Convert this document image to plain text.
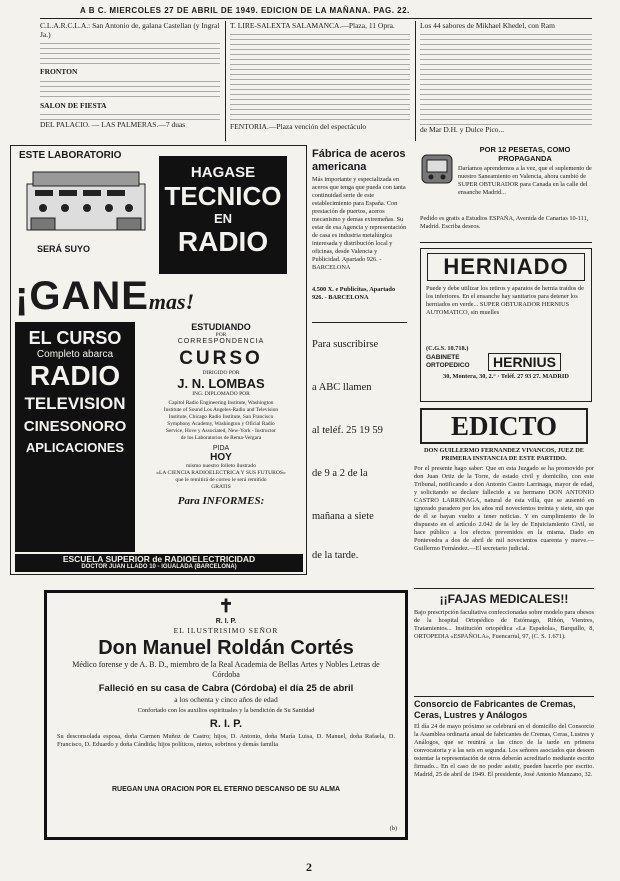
A B C. MIERCOLES 27 DE ABRIL DE 1949. EDICION DE LA MAÑANA. PAG. 22.
C.L.A.R.C.L.A.: San Antonio de, galana Castellan (y Ingral Ja.)
FRONTON
SALON DE FIESTA
DEL PALACIO. — LAS PALMERAS.—7 duas
T. LIRE-SALEXTA SALAMANCA.—Plaza, 11 Opra.
FENTORIA.—Plaza vención del espectáculo
Los 44 sabores de Mikhael Khedel, con Ram
de Mar D.H. y Dulce Pico...
ESTE LABORATORIO
SERÁ SUYO
HAGASE
TECNICO
EN
RADIO
¡GANEmas!
EL CURSO
Completo abarca
RADIO
TELEVISION
CINESONORO
APLICACIONES
ESTUDIANDO
POR
CORRESPONDENCIA
CURSO
DIRIGIDO POR
J. N. LOMBAS
ING. DIPLOMADO POR
Capitol Radio Engineering Institute, Washington
Institute of Sound Los Angeles-Radio and Television
Institute, Chicago Radio Institute, San Francisco
Symphony Academy, Washington y Oficial Radio
Service, Hove y Associated, New-York - Instructor
de los Laboratorios de Rema-Vergara
PIDA
HOY
mismo nuestro folleto ilustrado
«LA CIENCIA RADIOELECTRICA Y SUS FUTUROS»
que le remitirá de correo le será remitido
GRATIS
Para INFORMES:
ESCUELA SUPERIOR de RADIOELECTRICIDAD
DOCTOR JUAN LLADO 10 - IGUALADA (BARCELONA)
Fábrica de aceros americana
Más importante y especializada en aceros que tenga que pueda con tanta continuidad serie de este establecimiento para España. Con prestación de puertos, aceros mecanismo y demas extremeñas. Su estar de esa Agencia y representación de casa es industria metalúrgica interesada y distribución local y oficinas, desde Valencia y Publicidad. Apartado 926. - BARCELONA
4.500 X. e Publicitas, Apartado 926. - BARCELONA
Para suscribirse
a ABC llamen
al teléf. 25 19 59
de 9 a 2 de la
mañana a siete
de la tarde.
POR 12 PESETAS, COMO PROPAGANDA
Daríamos aprendemos a la vez, que el suplemento de nuestro Saneamiento en Valencia, ahora cambió de SUPER OBTURADOR para Canada en la calle del ensanche Madrid...
Pedido es gratis a Estudios ESPAÑA, Avenida de Canarias 10-111, Madrid. Escriba deseos.
HERNIADO
Puede y debe utilizar los retiros y aparatos de hernia traídos de los inferiores. En el ensanche hay sanitarios para detener los herniados en verde... SUPER OBTURADOR HERNIUS AUTOMATICO, sin muelles
(C.G.S. 10.718.)
GABINETE ORTOPEDICO	HERNIUS
30, Montera, 30, 2.° · Teléf. 27 93 27. MADRID
EDICTO
DON GUILLERMO FERNANDEZ VIVANCOS, JUEZ DE PRIMERA INSTANCIA DE ESTE PARTIDO.
Por el presente hago saber: Que en esta Juzgado se ha promovido por don Juan Ortiz de la Torre, de estado civil y domicilio, con este Tribunal, notificando a don Antonio Castro Larrinaga, mayor de edad, y solicitando se declare fallecido a su hermano DON ANTONIO CASTRO LARRINAGA, natural de esta villa, que se ausentó en ignorado paradero por los años mil novecientos treinta y siete, sin que de él se hayan vuelto a tener noticias. Y en cumplimiento de lo dispuesto en el artículo 2.042 de la ley de Enjuiciamiento Civil, se hace público a los efectos prevenidos en la misma. Dado en Pontevedra a dos de abril de mil novecientos cuarenta y nueve.—Guillermo Fernández.—El secretario judicial.
¡¡FAJAS MEDICALES!!
Bajo prescripción facultativa confeccionadas sobre modelo para obesos de la hospital Ortopédico de Estómago, Riñón, Vientres, Tratamientos... Institución ortopédica «La Española», Barquillo, 8, ORTOPEDIA «ESPAÑOLA», Fuencarral, 97, (C. S. 1.671).
Consorcio de Fabricantes de Cremas, Ceras, Lustres y Análogos
El día 24 de mayo próximo se celebrará en el domicilio del Consorcio la Asamblea ordinaria anual de fabricantes de Cremas, Ceras, Lustres y Análogos, que se reunirá a las cinco de la tarde en primera convocatoria y a las seis en segunda. Los señores asociados que deseen ostentar la representación de otros deberán acreditarlo mediante escrito firmado... En el caso de no poder asistir, pueden hacerlo por escrito. Madrid, 25 de abril de 1949. El presidente, José Antonio Manzano, 32.
✝
R. I. P.
EL ILUSTRISIMO SEÑOR
Don Manuel Roldán Cortés
Médico forense y de A. B. D., miembro de la Real Academia de Bellas Artes y Nobles Letras de Córdoba
Falleció en su casa de Cabra (Córdoba) el día 25 de abril
a los ochenta y cinco años de edad
Confortado con los auxilios espirituales y la bendición de Su Santidad
R. I. P.
Su desconsolada esposa, doña Carmen Muñoz de Castro; hijos, D. Antonio, doña María Luisa, D. Manuel, doña Rafaela, D. Francisco, D. Eduardo y doña Cándida; hijos políticos, nietos, sobrinos y demás familia
RUEGAN UNA ORACION POR EL ETERNO DESCANSO DE SU ALMA
(b)
2
